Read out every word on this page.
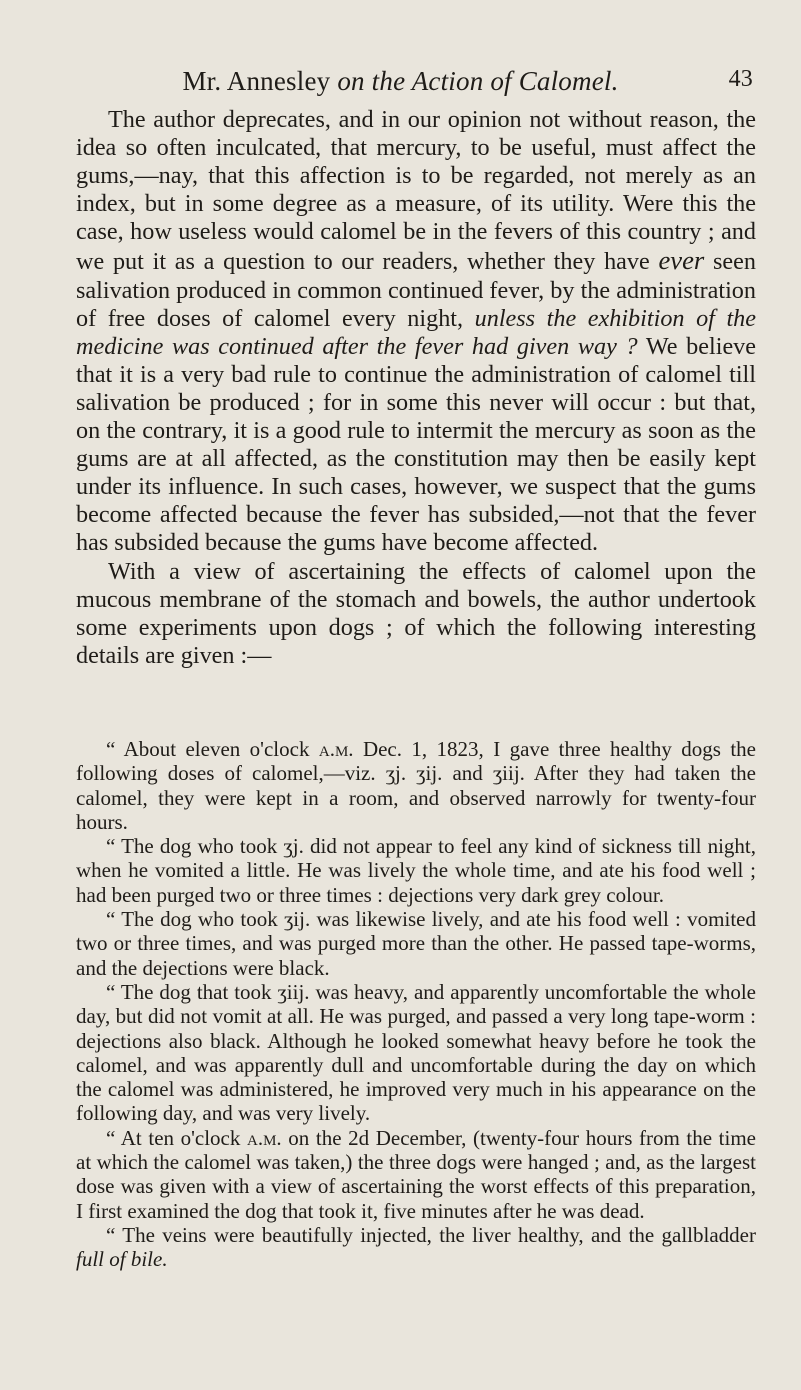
Mr. Annesley on the Action of Calomel.	43

The author deprecates, and in our opinion not without reason, the idea so often inculcated, that mercury, to be useful, must affect the gums,—nay, that this affection is to be regarded, not merely as an index, but in some degree as a measure, of its utility. Were this the case, how useless would calomel be in the fevers of this country ; and we put it as a question to our readers, whether they have ever seen salivation produced in common continued fever, by the administration of free doses of calomel every night, unless the exhibition of the medicine was continued after the fever had given way ? We believe that it is a very bad rule to continue the administration of calomel till salivation be produced ; for in some this never will occur : but that, on the contrary, it is a good rule to intermit the mercury as soon as the gums are at all affected, as the constitution may then be easily kept under its influence. In such cases, however, we suspect that the gums become affected because the fever has subsided,—not that the fever has subsided because the gums have become affected.

With a view of ascertaining the effects of calomel upon the mucous membrane of the stomach and bowels, the author undertook some experiments upon dogs ; of which the following interesting details are given :—

“ About eleven o'clock a.m. Dec. 1, 1823, I gave three healthy dogs the following doses of calomel,—viz. ʒj. ʒij. and ʒiij. After they had taken the calomel, they were kept in a room, and observed narrowly for twenty-four hours.

“ The dog who took ʒj. did not appear to feel any kind of sickness till night, when he vomited a little. He was lively the whole time, and ate his food well ; had been purged two or three times : dejections very dark grey colour.

“ The dog who took ʒij. was likewise lively, and ate his food well : vomited two or three times, and was purged more than the other. He passed tape-worms, and the dejections were black.

“ The dog that took ʒiij. was heavy, and apparently uncomfortable the whole day, but did not vomit at all. He was purged, and passed a very long tape-worm : dejections also black. Although he looked somewhat heavy before he took the calomel, and was apparently dull and uncomfortable during the day on which the calomel was administered, he improved very much in his appearance on the following day, and was very lively.

“ At ten o'clock a.m. on the 2d December, (twenty-four hours from the time at which the calomel was taken,) the three dogs were hanged ; and, as the largest dose was given with a view of ascertaining the worst effects of this preparation, I first examined the dog that took it, five minutes after he was dead.

“ The veins were beautifully injected, the liver healthy, and the gallbladder full of bile.
